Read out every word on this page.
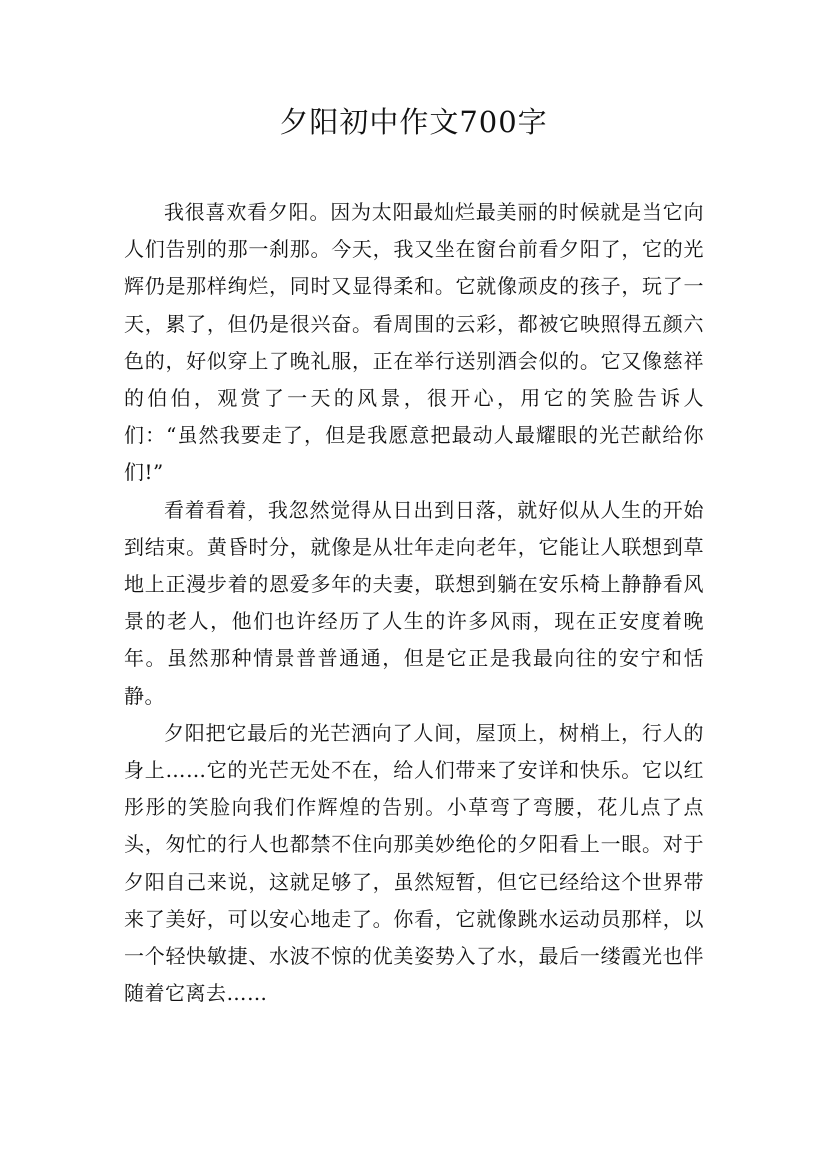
夕阳初中作文700字

我很喜欢看夕阳。因为太阳最灿烂最美丽的时候就是当它向人们告别的那一刹那。今天，我又坐在窗台前看夕阳了，它的光辉仍是那样绚烂，同时又显得柔和。它就像顽皮的孩子，玩了一天，累了，但仍是很兴奋。看周围的云彩，都被它映照得五颜六色的，好似穿上了晚礼服，正在举行送别酒会似的。它又像慈祥的伯伯，观赏了一天的风景，很开心，用它的笑脸告诉人们：“虽然我要走了，但是我愿意把最动人最耀眼的光芒献给你们!”

看着看着，我忽然觉得从日出到日落，就好似从人生的开始到结束。黄昏时分，就像是从壮年走向老年，它能让人联想到草地上正漫步着的恩爱多年的夫妻，联想到躺在安乐椅上静静看风景的老人，他们也许经历了人生的许多风雨，现在正安度着晚年。虽然那种情景普普通通，但是它正是我最向往的安宁和恬静。

夕阳把它最后的光芒洒向了人间，屋顶上，树梢上，行人的身上……它的光芒无处不在，给人们带来了安详和快乐。它以红彤彤的笑脸向我们作辉煌的告别。小草弯了弯腰，花儿点了点头，匆忙的行人也都禁不住向那美妙绝伦的夕阳看上一眼。对于夕阳自己来说，这就足够了，虽然短暂，但它已经给这个世界带来了美好，可以安心地走了。你看，它就像跳水运动员那样，以一个轻快敏捷、水波不惊的优美姿势入了水，最后一缕霞光也伴随着它离去……
